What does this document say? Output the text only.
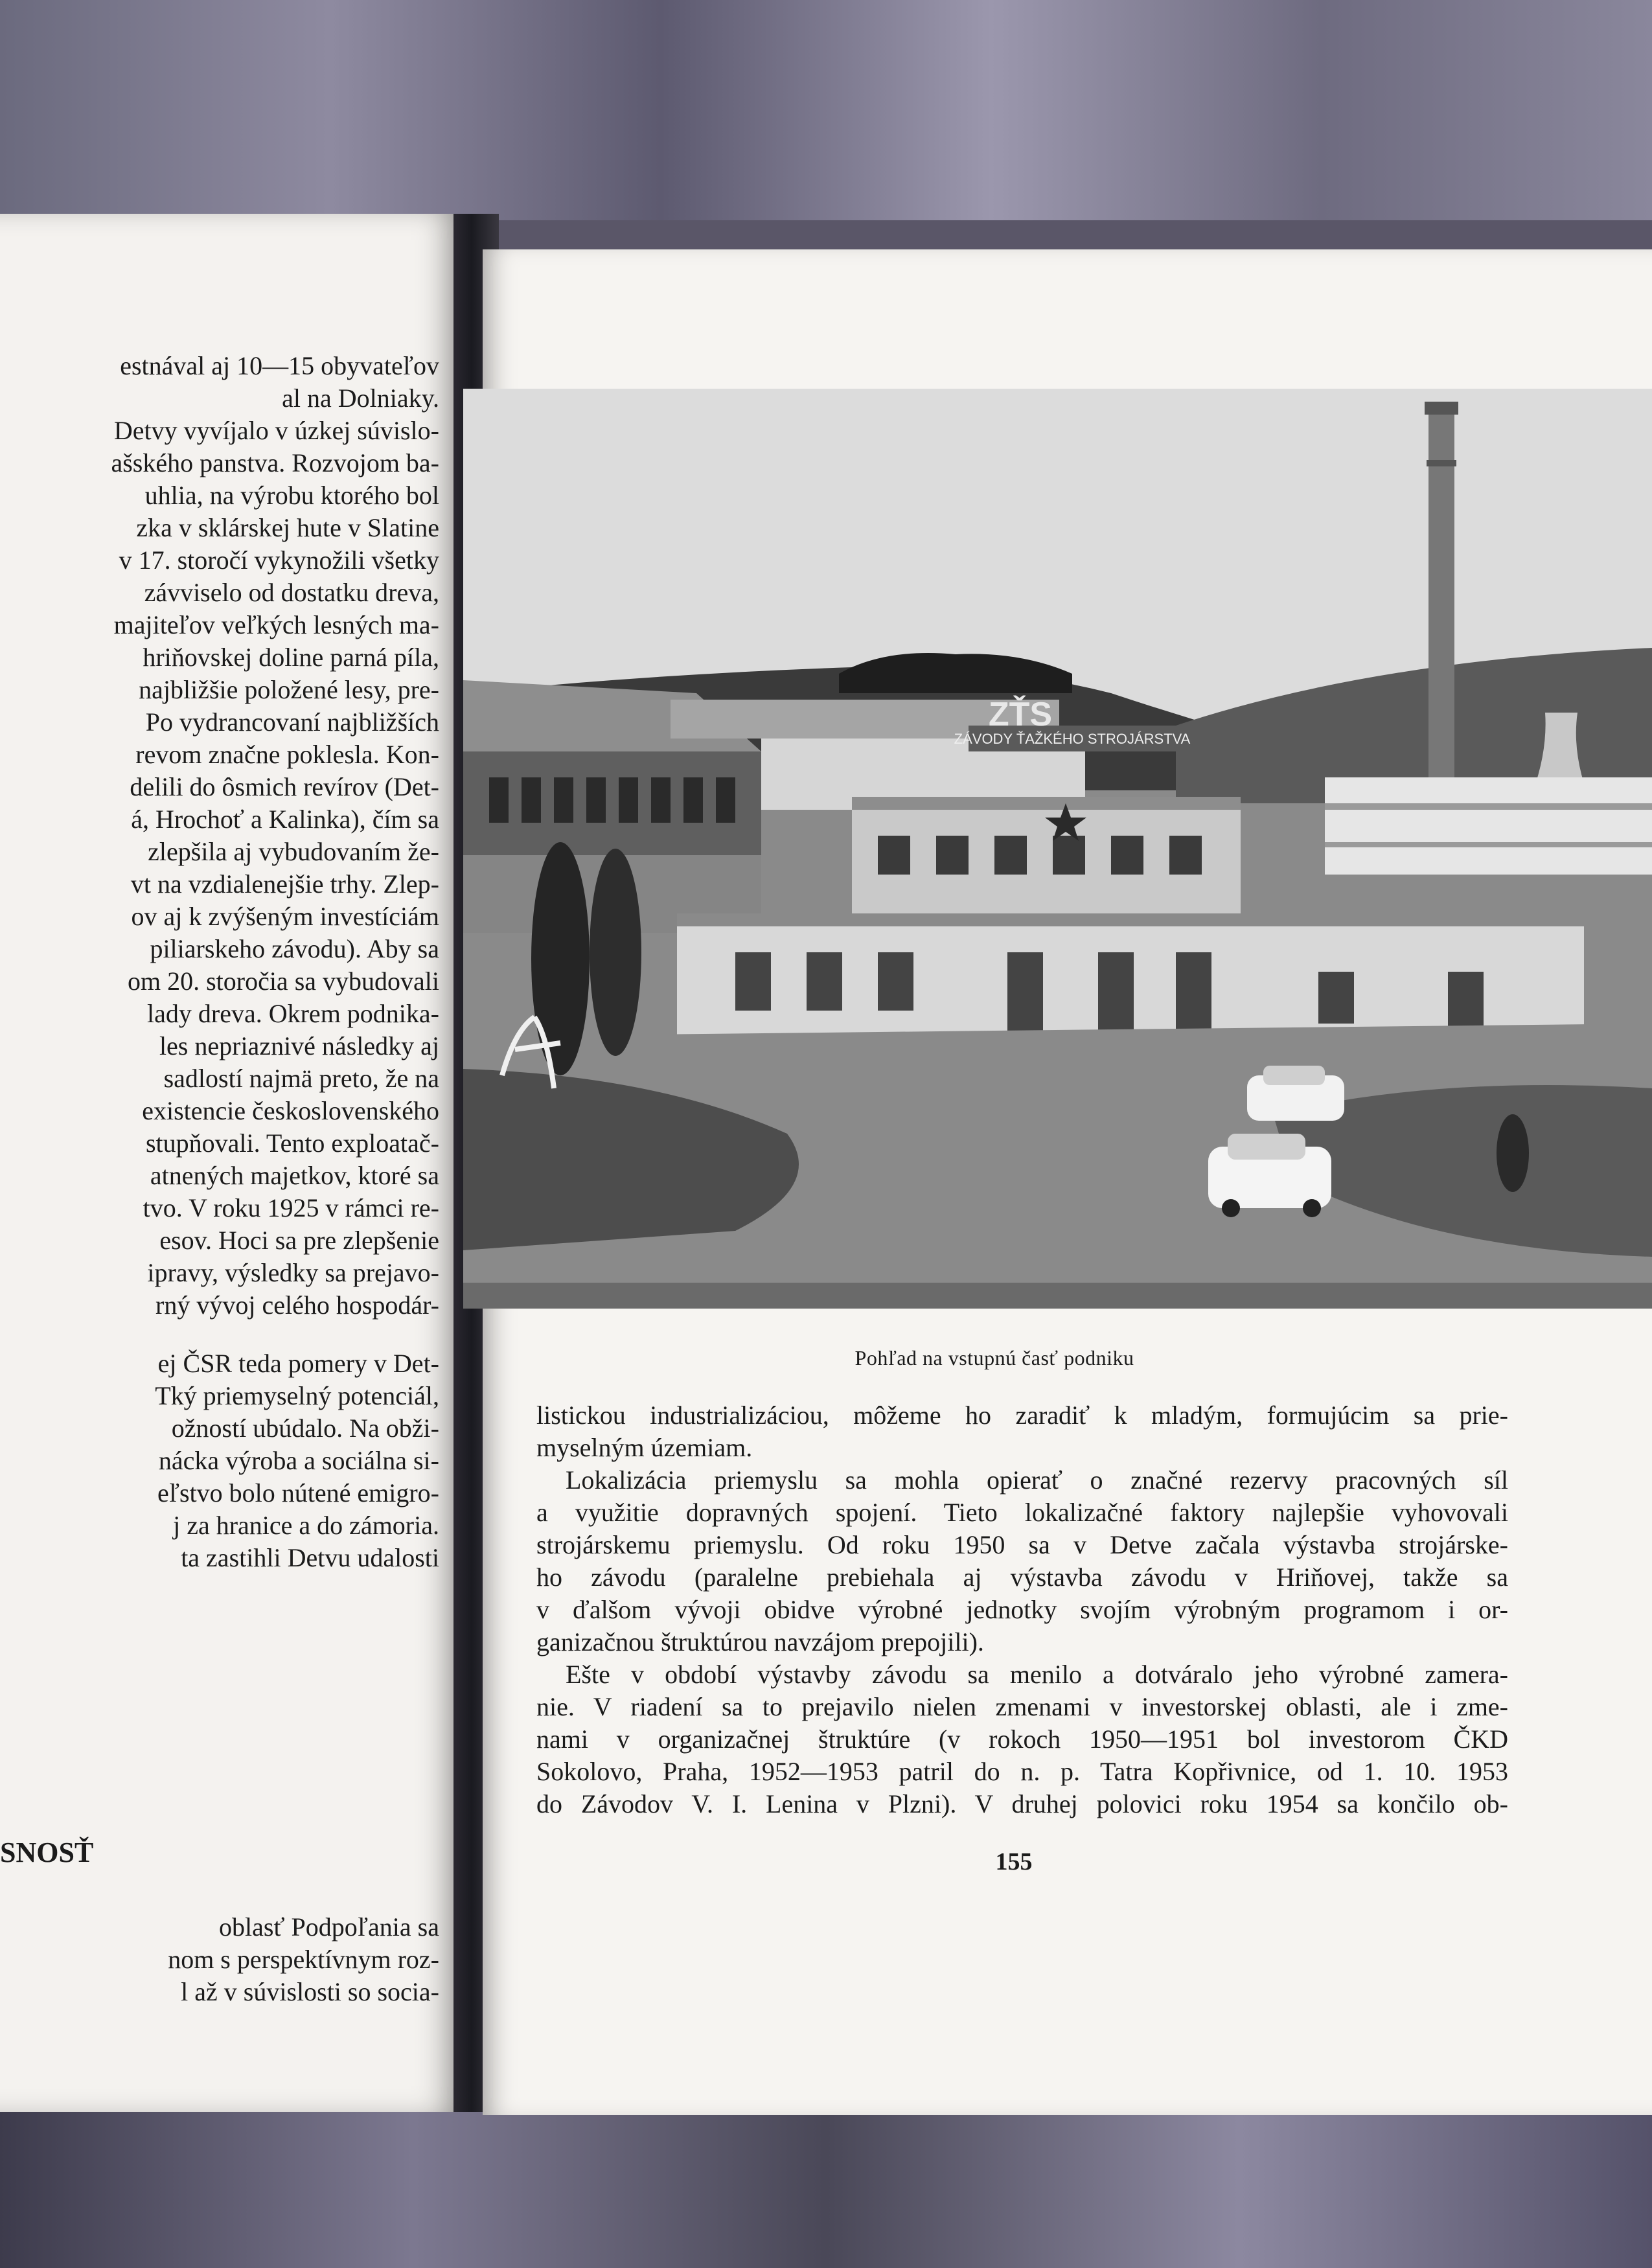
estnával aj 10—15 obyvateľov
al na Dolniaky.
Detvy vyvíjalo v úzkej súvislo-
ašského panstva. Rozvojom ba-
uhlia, na výrobu ktorého bol
zka v sklárskej hute v Slatine
v 17. storočí vykynožili všetky
závviselo od dostatku dreva,
majiteľov veľkých lesných ma-
hriňovskej doline parná píla,
najbližšie položené lesy, pre-
Po vydrancovaní najbližších
revom značne poklesla. Kon-
delili do ôsmich revírov (Det-
á, Hrochoť a Kalinka), čím sa
zlepšila aj vybudovaním že-
vt na vzdialenejšie trhy. Zlep-
ov aj k zvýšeným investíciám
piliarskeho závodu). Aby sa
om 20. storočia sa vybudovali
lady dreva. Okrem podnika-
les nepriaznivé následky aj
sadlostí najmä preto, že na
existencie československého
stupňovali. Tento exploatač-
atnených majetkov, ktoré sa
tvo. V roku 1925 v rámci re-
esov. Hoci sa pre zlepšenie
ipravy, výsledky sa prejavo-
rný vývoj celého hospodár-
ej ČSR teda pomery v Det-
Tký priemyselný potenciál,
ožností ubúdalo. Na obži-
nácka výroba a sociálna si-
eľstvo bolo nútené emigro-
j za hranice a do zámoria.
ta zastihli Detvu udalosti
SNOSŤ
oblasť Podpoľania sa
nom s perspektívnym roz-
l až v súvislosti so socia-
ZÁVODY ŤAŽKÉHO STROJÁRSTVA
ZŤS
Pohľad na vstupnú časť podniku

listickou industrializáciou, môžeme ho zaradiť k mladým, formujúcim sa prie-

myselným územiam.

Lokalizácia priemyslu sa mohla opierať o značné rezervy pracovných síl

a využitie dopravných spojení. Tieto lokalizačné faktory najlepšie vyhovovali

strojárskemu priemyslu. Od roku 1950 sa v Detve začala výstavba strojárske-

ho závodu (paralelne prebiehala aj výstavba závodu v Hriňovej, takže sa

v ďalšom vývoji obidve výrobné jednotky svojím výrobným programom i or-

ganizačnou štruktúrou navzájom prepojili).

Ešte v období výstavby závodu sa menilo a dotváralo jeho výrobné zamera-

nie. V riadení sa to prejavilo nielen zmenami v investorskej oblasti, ale i zme-

nami v organizačnej štruktúre (v rokoch 1950—1951 bol investorom ČKD

Sokolovo, Praha, 1952—1953 patril do n. p. Tatra Kopřivnice, od 1. 10. 1953

do Závodov V. I. Lenina v Plzni). V druhej polovici roku 1954 sa končilo ob-

155
